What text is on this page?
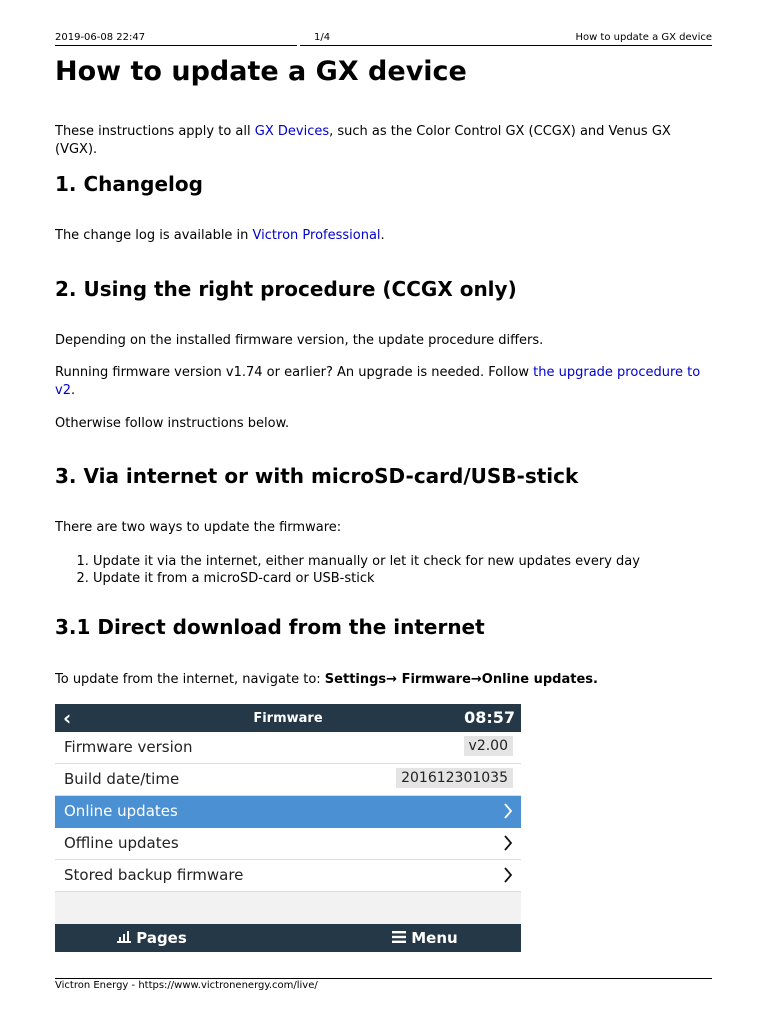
2019-06-08 22:47	1/4	How to update a GX device
How to update a GX device

These instructions apply to all GX Devices, such as the Color Control GX (CCGX) and Venus GX (VGX).

1. Changelog

The change log is available in Victron Professional.

2. Using the right procedure (CCGX only)

Depending on the installed firmware version, the update procedure differs.

Running firmware version v1.74 or earlier? An upgrade is needed. Follow the upgrade procedure to v2.

Otherwise follow instructions below.

3. Via internet or with microSD-card/USB-stick

There are two ways to update the firmware:

1. Update it via the internet, either manually or let it check for new updates every day
2. Update it from a microSD-card or USB-stick
3.1 Direct download from the internet

To update from the internet, navigate to: Settings→ Firmware→Online updates.

‹	Firmware	08:57
Firmware version	v2.00
Build date/time	201612301035
Online updates
Offline updates
Stored backup firmware
Pages	Menu
Victron Energy - https://www.victronenergy.com/live/
